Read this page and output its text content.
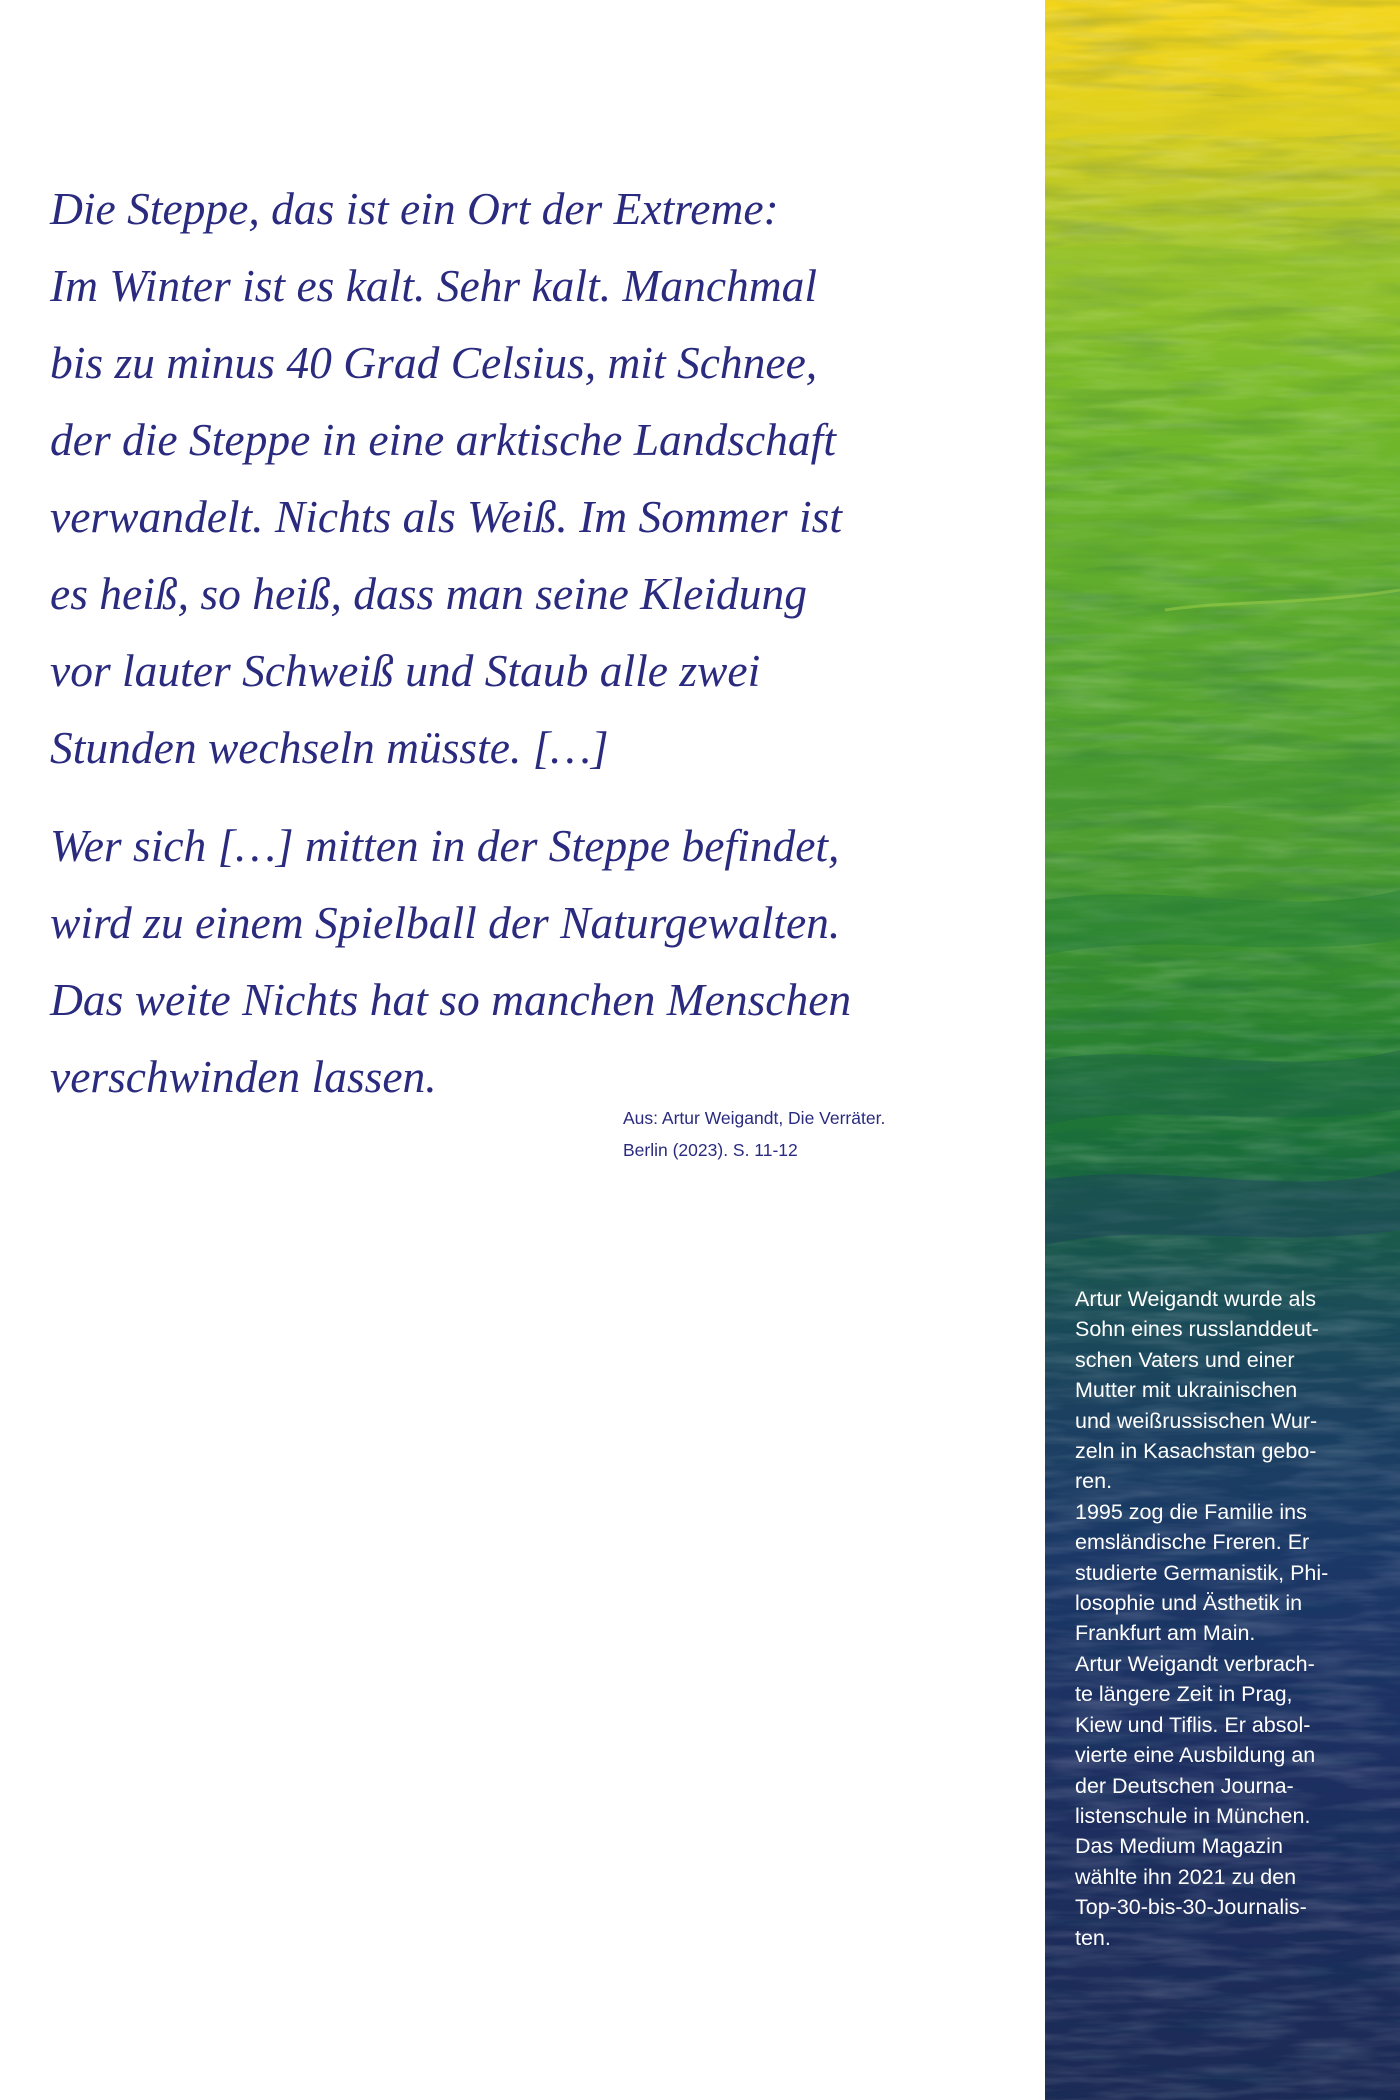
Die Steppe, das ist ein Ort der Extreme:
Im Winter ist es kalt. Sehr kalt. Manchmal
bis zu minus 40 Grad Celsius, mit Schnee,
der die Steppe in eine arktische Landschaft
verwandelt. Nichts als Weiß. Im Sommer ist
es heiß, so heiß, dass man seine Kleidung
vor lauter Schweiß und Staub alle zwei
Stunden wechseln müsste. […]
Wer sich […] mitten in der Steppe befindet,
wird zu einem Spielball der Naturgewalten.
Das weite Nichts hat so manchen Menschen
verschwinden lassen.
Aus: Artur Weigandt, Die Verräter.
Berlin (2023). S. 11-12
Artur Weigandt wurde als
Sohn eines russlanddeut-
schen Vaters und einer
Mutter mit ukrainischen
und weißrussischen Wur-
zeln in Kasachstan gebo-
ren.
1995 zog die Familie ins
emsländische Freren. Er
studierte Germanistik, Phi-
losophie und Ästhetik in
Frankfurt am Main.
Artur Weigandt verbrach-
te längere Zeit in Prag,
Kiew und Tiflis. Er absol-
vierte eine Ausbildung an
der Deutschen Journa-
listenschule in München.
Das Medium Magazin
wählte ihn 2021 zu den
Top-30-bis-30-Journalis-
ten.
